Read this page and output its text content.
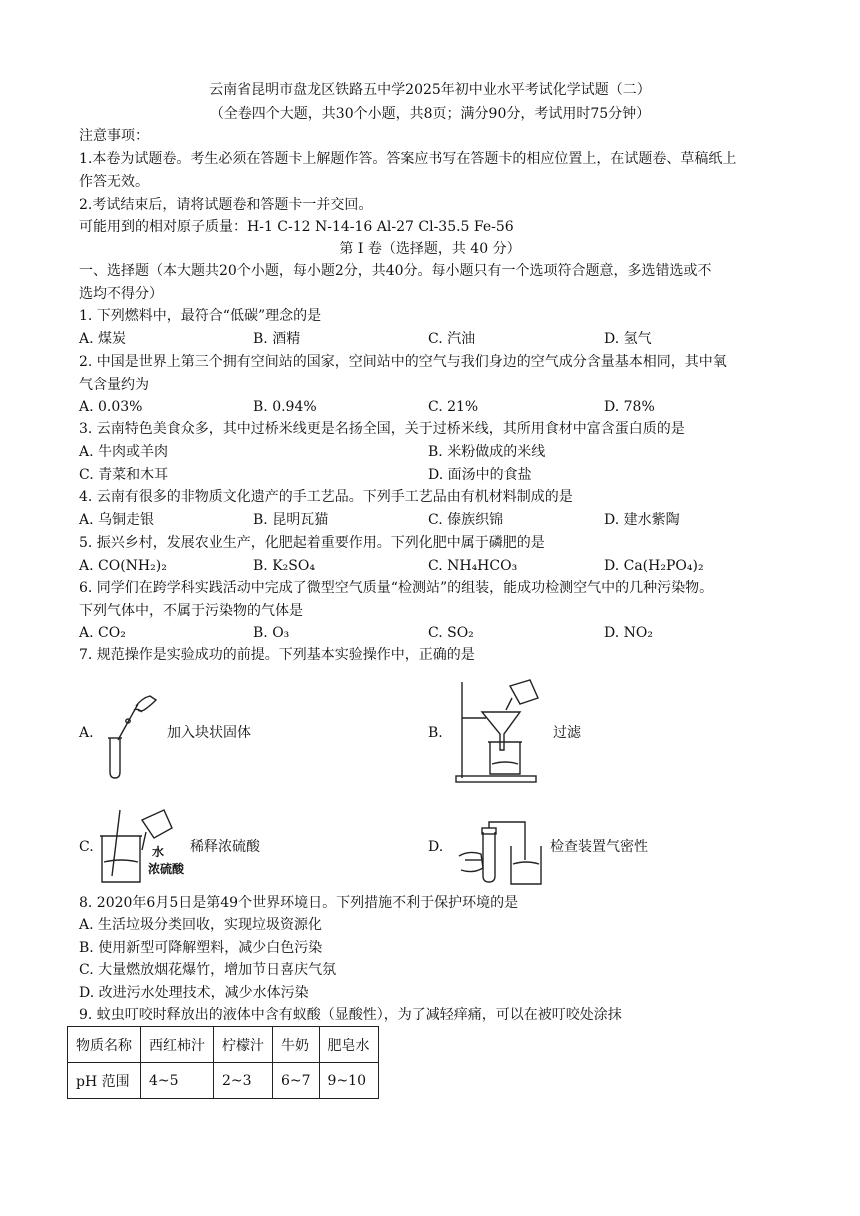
云南省昆明市盘龙区铁路五中学2025年初中业水平考试化学试题（二）
（全卷四个大题，共30个小题，共8页；满分90分，考试用时75分钟）
注意事项：
1.本卷为试题卷。考生必须在答题卡上解题作答。答案应书写在答题卡的相应位置上，在试题卷、草稿纸上
作答无效。
2.考试结束后，请将试题卷和答题卡一并交回。
可能用到的相对原子质量：H-1 C-12 N-14-16 Al-27 Cl-35.5 Fe-56
第 I 卷（选择题，共 40 分）
一、选择题（本大题共20个小题，每小题2分，共40分。每小题只有一个选项符合题意，多选错选或不
选均不得分）
1. 下列燃料中，最符合“低碳”理念的是
A. 煤炭	B. 酒精	C. 汽油	D. 氢气
2. 中国是世界上第三个拥有空间站的国家，空间站中的空气与我们身边的空气成分含量基本相同，其中氧
气含量约为
A. 0.03%	B. 0.94%	C. 21%	D. 78%
3. 云南特色美食众多，其中过桥米线更是名扬全国，关于过桥米线，其所用食材中富含蛋白质的是
A. 牛肉或羊肉	B. 米粉做成的米线
C. 青菜和木耳	D. 面汤中的食盐
4. 云南有很多的非物质文化遗产的手工艺品。下列手工艺品由有机材料制成的是
A. 乌铜走银	B. 昆明瓦猫	C. 傣族织锦	D. 建水紫陶
5. 振兴乡村，发展农业生产，化肥起着重要作用。下列化肥中属于磷肥的是
A. CO(NH₂)₂	B. K₂SO₄	C. NH₄HCO₃	D. Ca(H₂PO₄)₂
6. 同学们在跨学科实践活动中完成了微型空气质量“检测站”的组装，能成功检测空气中的几种污染物。
下列气体中，不属于污染物的气体是
A. CO₂	B. O₃	C. SO₂	D. NO₂
7. 规范操作是实验成功的前提。下列基本实验操作中，正确的是
A.	加入块状固体	B.	过滤
C.	水
浓硫酸
稀释浓硫酸	D.	检查装置气密性
8. 2020年6月5日是第49个世界环境日。下列措施不利于保护环境的是
A. 生活垃圾分类回收，实现垃圾资源化
B. 使用新型可降解塑料，减少白色污染
C. 大量燃放烟花爆竹，增加节日喜庆气氛
D. 改进污水处理技术，减少水体污染
9. 蚊虫叮咬时释放出的液体中含有蚁酸（显酸性），为了减轻痒痛，可以在被叮咬处涂抹
物质名称	西红柿汁	柠檬汁	牛奶	肥皂水
pH 范围	4~5	2~3	6~7	9~10
